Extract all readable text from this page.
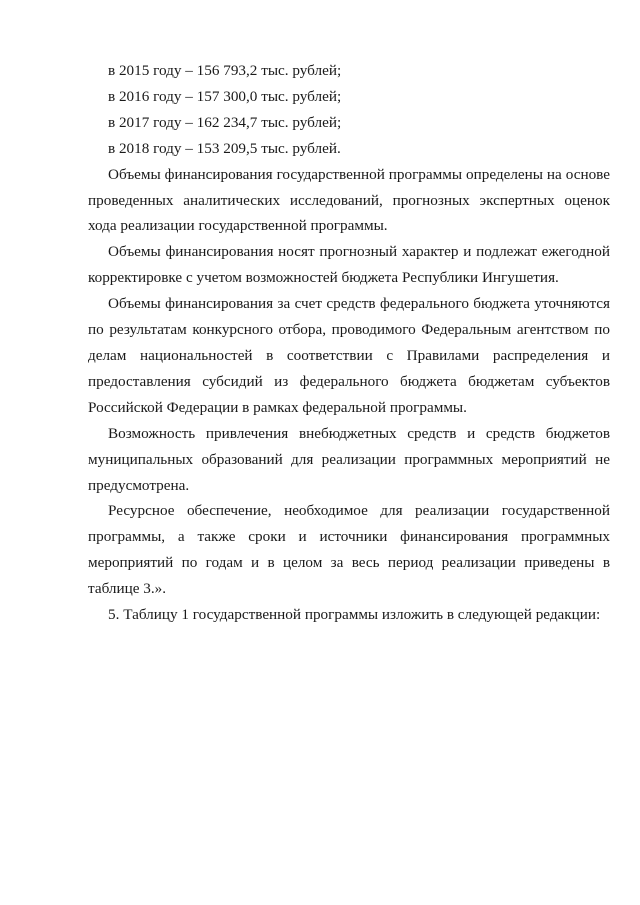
в 2015 году – 156 793,2 тыс. рублей;

в 2016 году – 157 300,0 тыс. рублей;

в 2017 году – 162 234,7 тыс. рублей;

в 2018 году – 153 209,5 тыс. рублей.

Объемы финансирования государственной программы определены на основе проведенных аналитических исследований, прогнозных экспертных оценок хода реализации государственной программы.

Объемы финансирования носят прогнозный характер и подлежат ежегодной корректировке с учетом возможностей бюджета Республики Ингушетия.

Объемы финансирования за счет средств федерального бюджета уточняются по результатам конкурсного отбора, проводимого Федеральным агентством по делам национальностей в соответствии с Правилами распределения и предоставления субсидий из федерального бюджета бюджетам субъектов Российской Федерации в рамках федеральной программы.

Возможность привлечения внебюджетных средств и средств бюджетов муниципальных образований для реализации программных мероприятий не предусмотрена.

Ресурсное обеспечение, необходимое для реализации государственной программы, а также сроки и источники финансирования программных мероприятий по годам и в целом за весь период реализации приведены в таблице 3.».

5. Таблицу 1 государственной программы изложить в следующей редакции:
